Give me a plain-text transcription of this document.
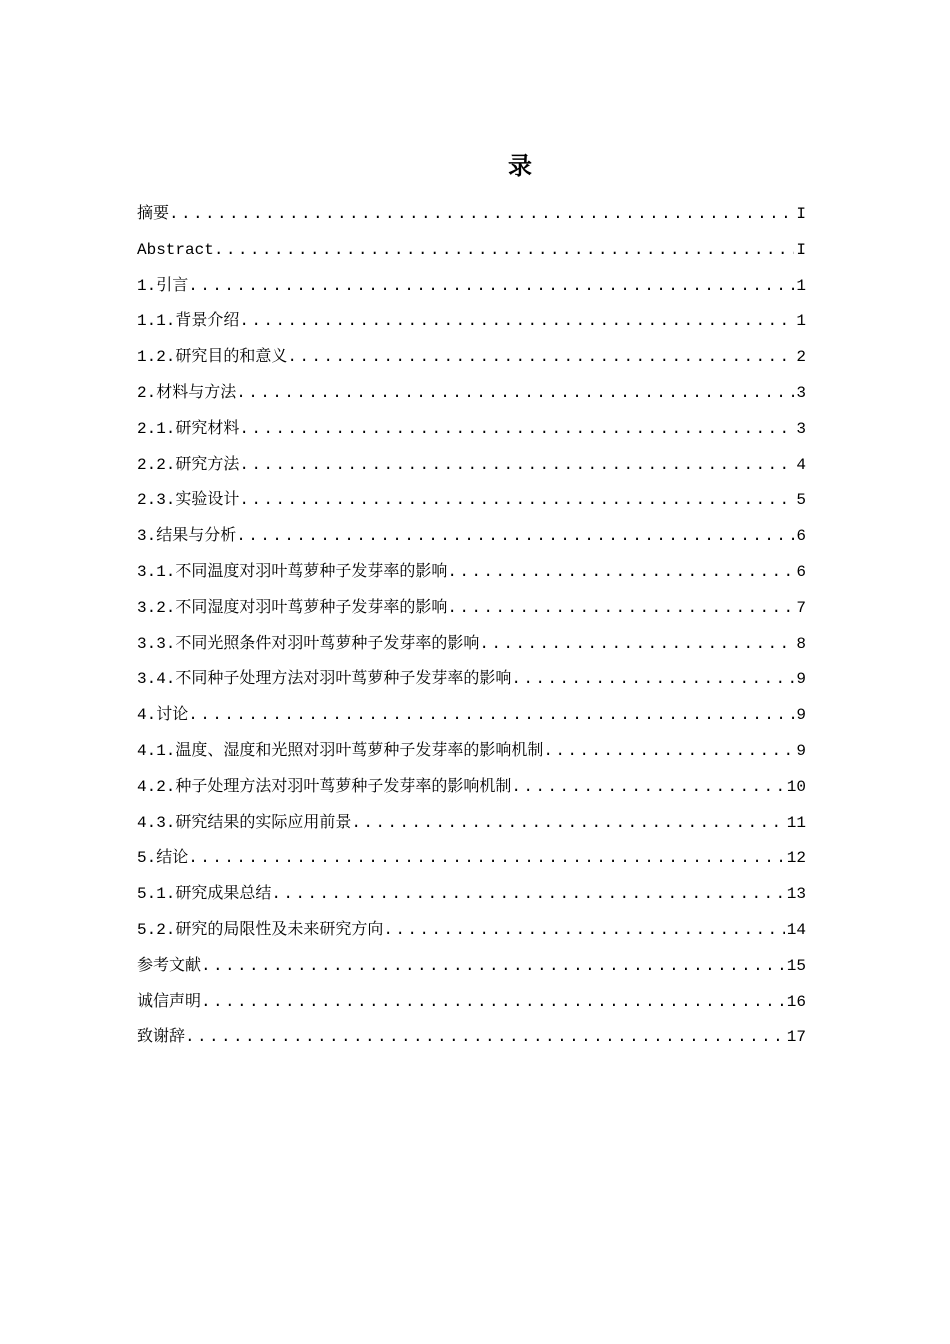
录
摘要 .....	I
Abstract .....	I
1.引言 .....	1
1.1.背景介绍 .....	1
1.2.研究目的和意义 .....	2
2.材料与方法 .....	3
2.1.研究材料 .....	3
2.2.研究方法 .....	4
2.3.实验设计 .....	5
3.结果与分析 .....	6
3.1.不同温度对羽叶茑萝种子发芽率的影响 .....	6
3.2.不同湿度对羽叶茑萝种子发芽率的影响 .....	7
3.3.不同光照条件对羽叶茑萝种子发芽率的影响 .....	8
3.4.不同种子处理方法对羽叶茑萝种子发芽率的影响 .....	9
4.讨论 .....	9
4.1.温度、湿度和光照对羽叶茑萝种子发芽率的影响机制 .....	9
4.2.种子处理方法对羽叶茑萝种子发芽率的影响机制 .....	10
4.3.研究结果的实际应用前景 .....	11
5.结论 .....	12
5.1.研究成果总结 .....	13
5.2.研究的局限性及未来研究方向 .....	14
参考文献 .....	15
诚信声明 .....	16
致谢辞 .....	17
